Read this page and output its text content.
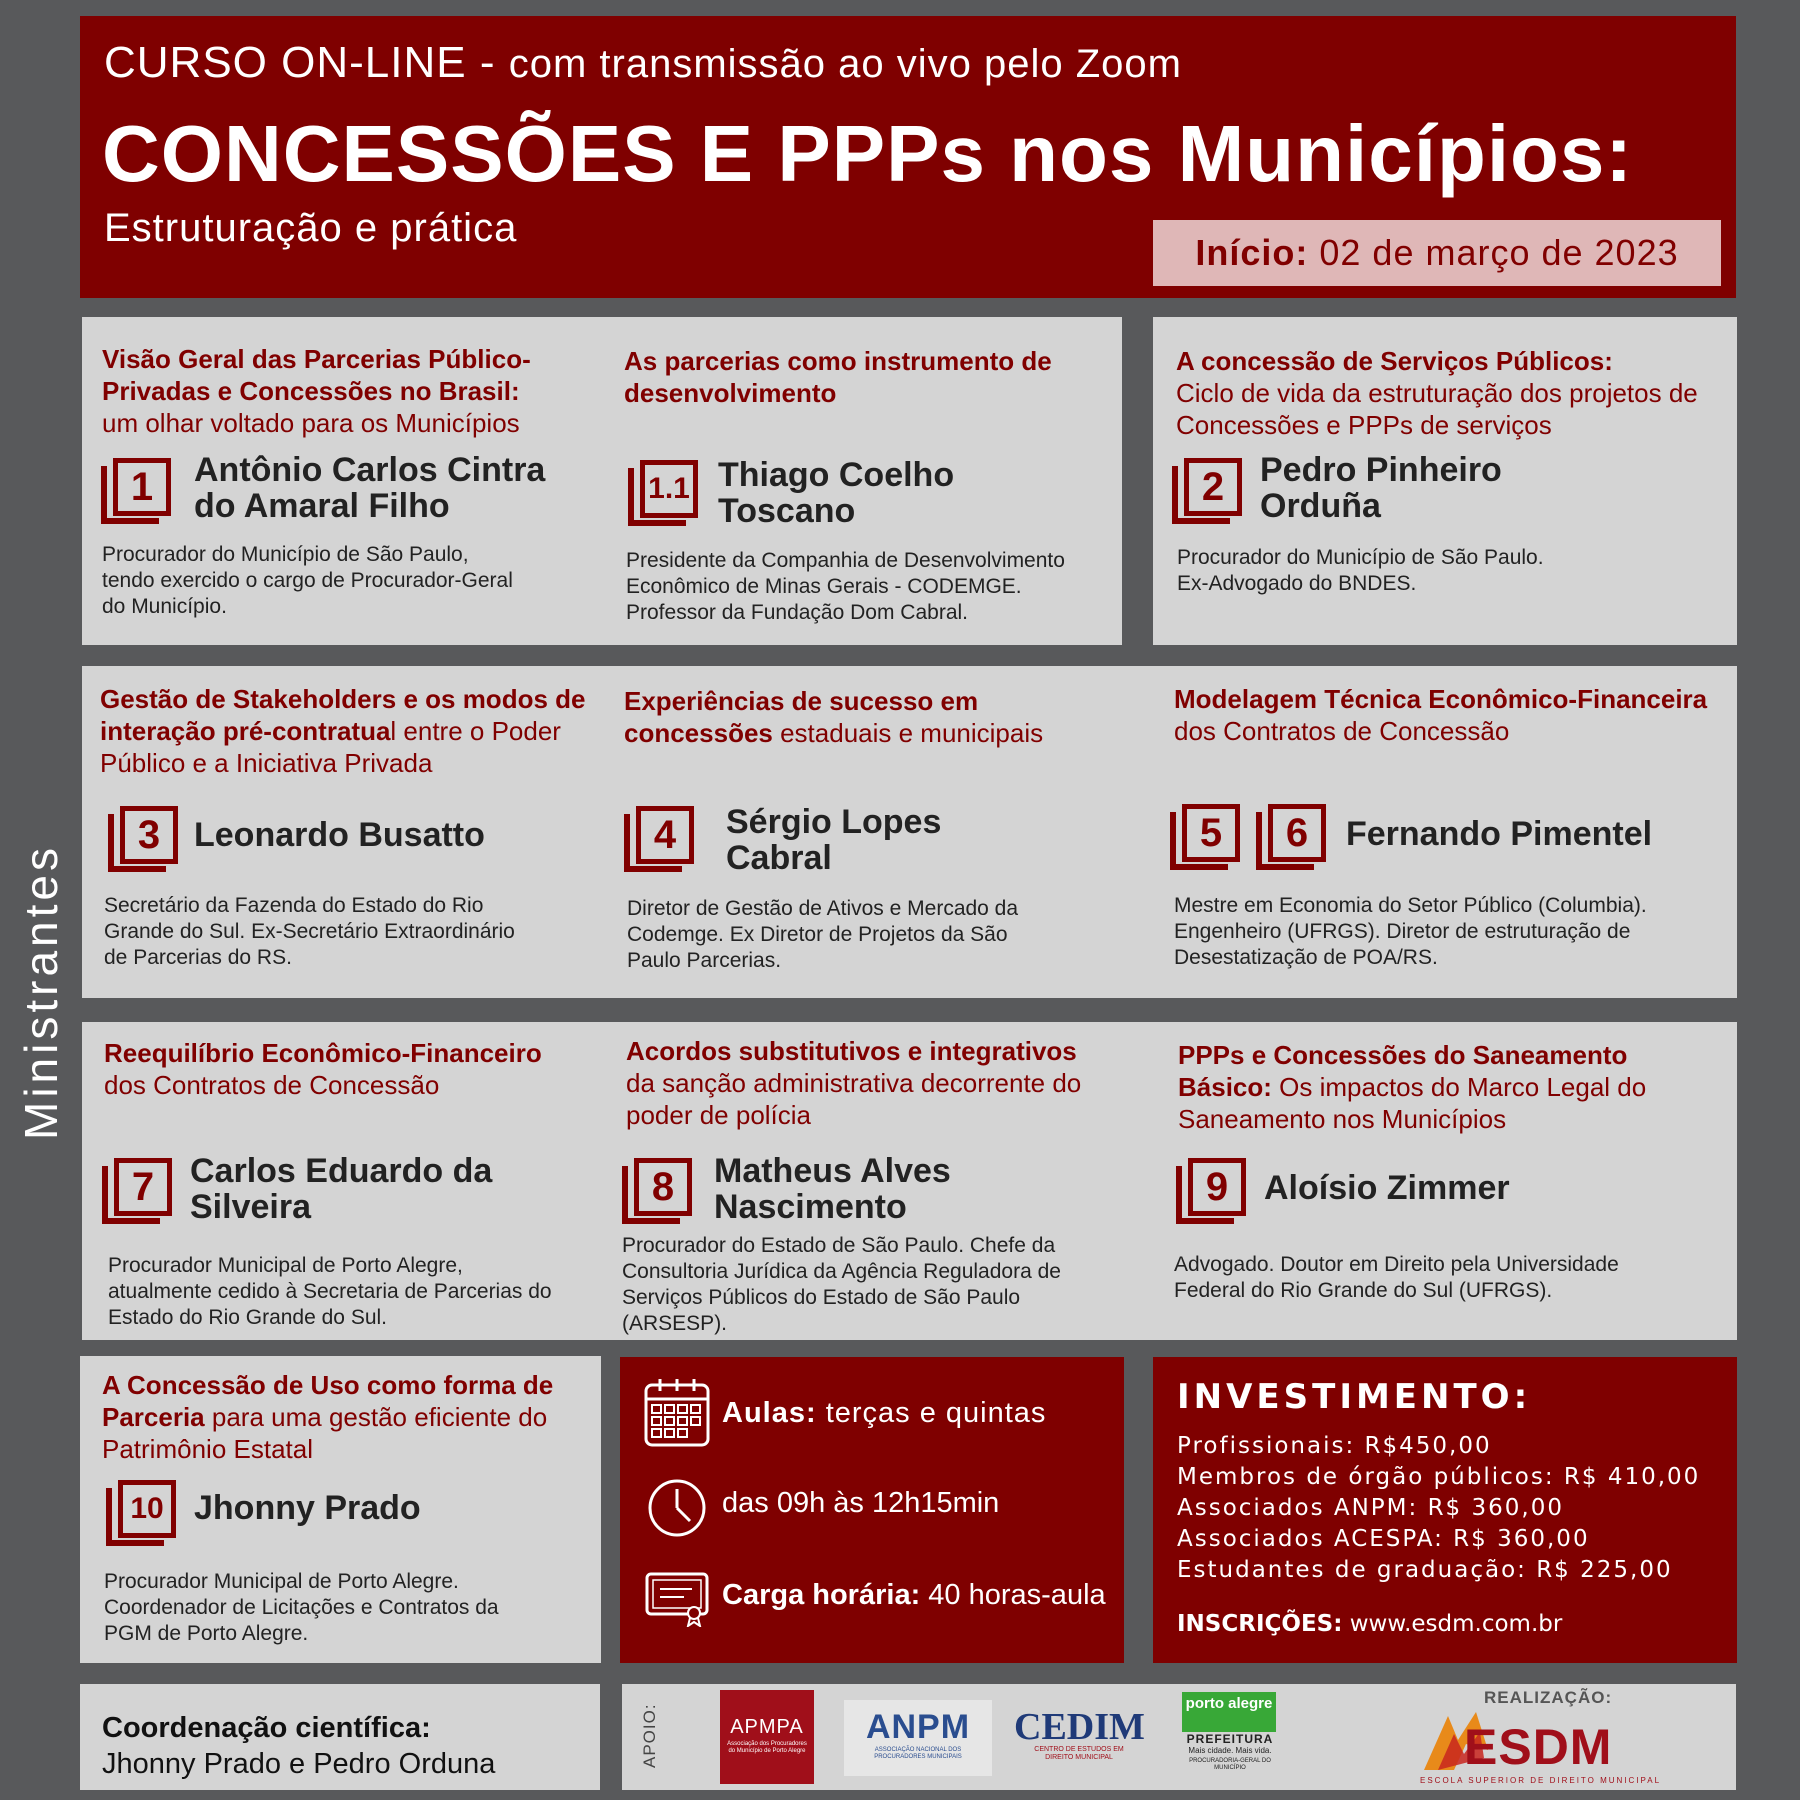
CURSO ON-LINE - com transmissão ao vivo pelo Zoom
CONCESSÕES E PPPs nos Municípios:
Estruturação e prática
Início:
02 de março de 2023
Ministrantes
Visão Geral das Parcerias Público-Privadas e Concessões no Brasil:
um olhar voltado para os Municípios
1	Antônio Carlos Cintra
do Amaral Filho
Procurador do Município de São Paulo,
tendo exercido o cargo de Procurador-Geral
do Município.
As parcerias como instrumento de desenvolvimento
1.1 Thiago Coelho
Toscano
Presidente da Companhia de Desenvolvimento
Econômico de Minas Gerais - CODEMGE.
Professor da Fundação Dom Cabral.
A concessão de Serviços Públicos:
Ciclo de vida da estruturação dos projetos de Concessões e PPPs de serviços
2	Pedro Pinheiro
Orduña
Procurador do Município de São Paulo.
Ex-Advogado do BNDES.
Gestão de Stakeholders e os modos de interação pré-contratual entre o Poder Público e a Iniciativa Privada
3 Leonardo Busatto
Secretário da Fazenda do Estado do Rio
Grande do Sul. Ex-Secretário Extraordinário
de Parcerias do RS.
Experiências de sucesso em concessões estaduais e municipais
4	Sérgio Lopes
Cabral
Diretor de Gestão de Ativos e Mercado da
Codemge. Ex Diretor de Projetos da São
Paulo Parcerias.
Modelagem Técnica Econômico-Financeira dos Contratos de Concessão
5	6	Fernando Pimentel
Mestre em Economia do Setor Público (Columbia).
Engenheiro (UFRGS). Diretor de estruturação de
Desestatização de POA/RS.
Reequilíbrio Econômico-Financeiro
dos Contratos de Concessão
7	Carlos Eduardo da
Silveira
Procurador Municipal de Porto Alegre,
atualmente cedido à Secretaria de Parcerias do
Estado do Rio Grande do Sul.
Acordos substitutivos e integrativos
da sanção administrativa decorrente do poder de polícia
8	Matheus Alves
Nascimento
Procurador do Estado de São Paulo. Chefe da
Consultoria Jurídica da Agência Reguladora de
Serviços Públicos do Estado de São Paulo
(ARSESP).
PPPs e Concessões do Saneamento Básico: Os impactos do Marco Legal do Saneamento nos Municípios
9	Aloísio Zimmer
Advogado. Doutor em Direito pela Universidade
Federal do Rio Grande do Sul (UFRGS).
A Concessão de Uso como forma de Parceria para uma gestão eficiente do Patrimônio Estatal
10 Jhonny Prado
Procurador Municipal de Porto Alegre.
Coordenador de Licitações e Contratos da
PGM de Porto Alegre.
Aulas: terças e quintas
das 09h às 12h15min
Carga horária: 40 horas-aula
INVESTIMENTO:
Profissionais: R$450,00
Membros de órgão públicos: R$ 410,00
Associados ANPM: R$ 360,00
Associados ACESPA: R$ 360,00
Estudantes de graduação: R$ 225,00
INSCRIÇÕES: www.esdm.com.br
Coordenação científica:
Jhonny Prado e Pedro Orduna	APOIO:	APMPA
Associação dos Procuradores do Município de Porto Alegre
ANPM
ASSOCIAÇÃO NACIONAL DOS PROCURADORES MUNICIPAIS
CEDIM
CENTRO DE ESTUDOS EM DIREITO MUNICIPAL
porto alegre
PREFEITURA
Mais cidade. Mais vida.
PROCURADORIA-GERAL DO MUNICÍPIO
REALIZAÇÃO:
ESDM
ESCOLA SUPERIOR DE DIREITO MUNICIPAL
